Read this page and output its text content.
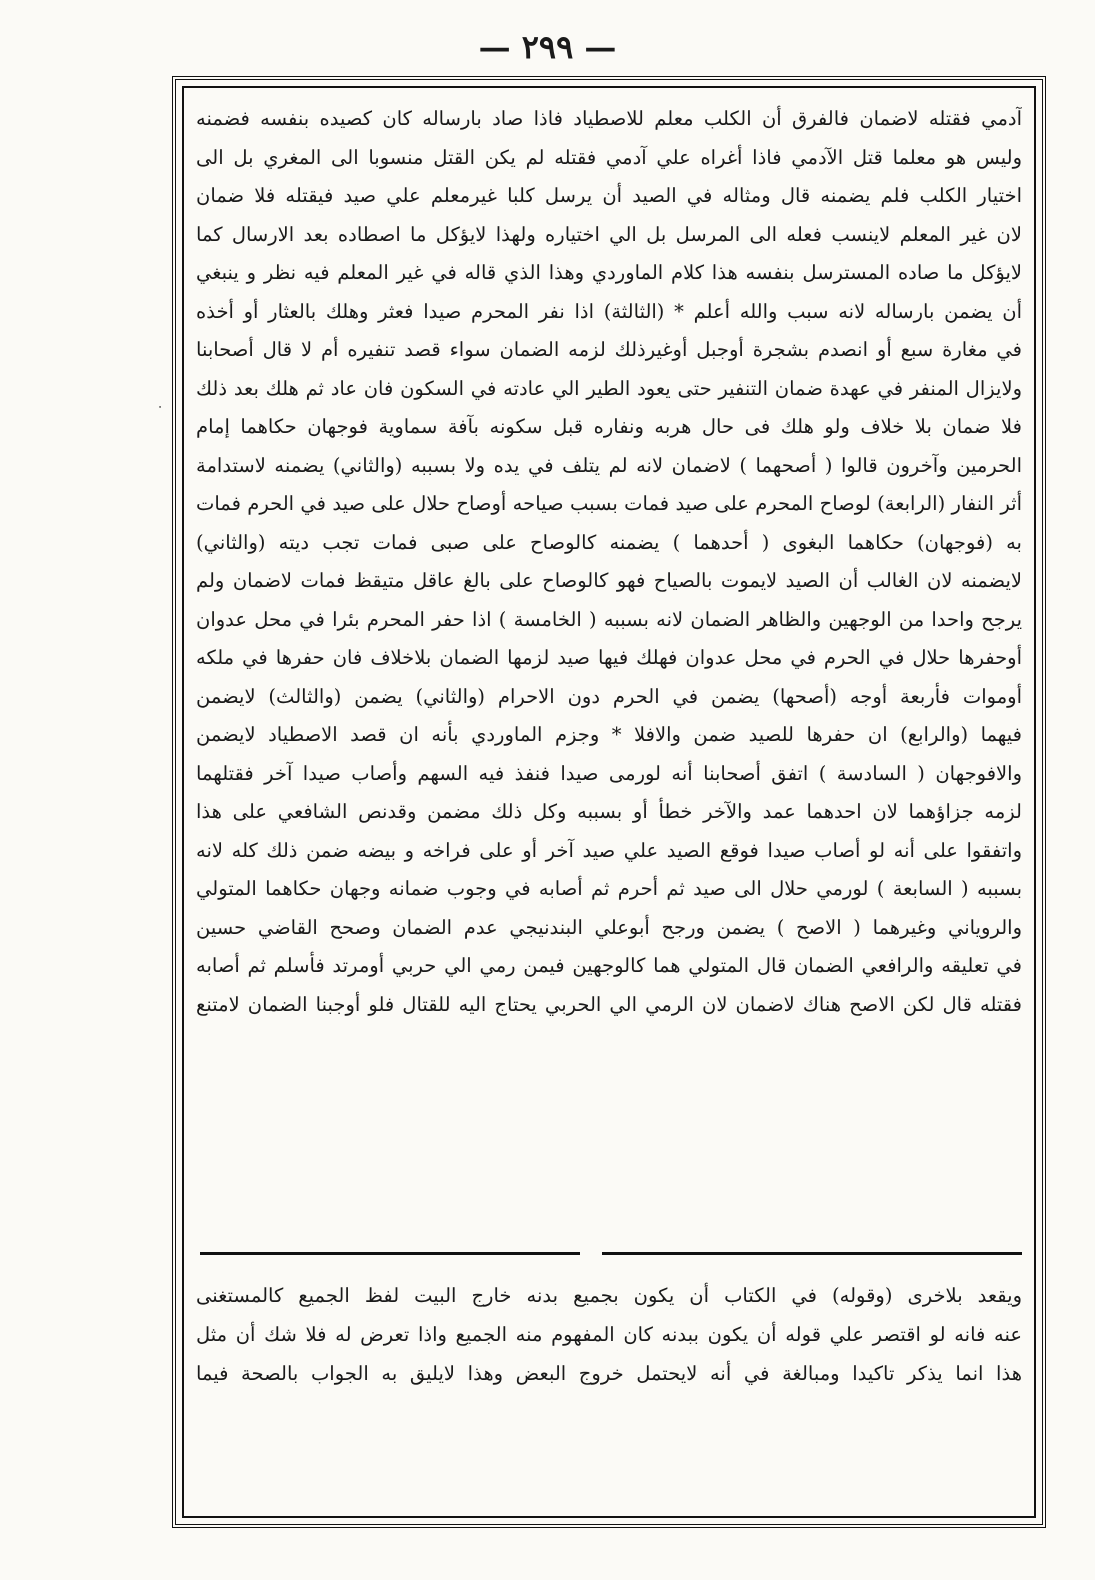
— ٢٩٩ —
ᐧ
آدمي فقتله لاضمان فالفرق أن الكلب معلم للاصطياد فاذا صاد بارساله كان كصيده بنفسه فضمنه
وليس هو معلما قتل الآدمي فاذا أغراه علي آدمي فقتله لم يكن القتل منسوبا الى المغري بل الى
اختيار الكلب فلم يضمنه قال ومثاله في الصيد أن يرسل كلبا غيرمعلم علي صيد فيقتله فلا ضمان
لان غير المعلم لاينسب فعله الى المرسل بل الي اختياره ولهذا لايؤكل ما اصطاده بعد الارسال كما
لايؤكل ما صاده المسترسل بنفسه هذا كلام الماوردي وهذا الذي قاله في غير المعلم فيه نظر و ينبغي
أن يضمن بارساله لانه سبب والله أعلم * (الثالثة) اذا نفر المحرم صيدا فعثر وهلك بالعثار أو أخذه
في مغارة سبع أو انصدم بشجرة أوجبل أوغيرذلك لزمه الضمان سواء قصد تنفيره أم لا قال أصحابنا
ولايزال المنفر في عهدة ضمان التنفير حتى يعود الطير الي عادته في السكون فان عاد ثم هلك بعد ذلك
فلا ضمان بلا خلاف ولو هلك فى حال هربه ونفاره قبل سكونه بآفة سماوية فوجهان حكاهما إمام
الحرمين وآخرون قالوا ( أصحهما ) لاضمان لانه لم يتلف في يده ولا بسببه (والثاني) يضمنه لاستدامة
أثر النفار (الرابعة) لوصاح المحرم على صيد فمات بسبب صياحه أوصاح حلال على صيد في الحرم فمات
به (فوجهان) حكاهما البغوى ( أحدهما ) يضمنه كالوصاح على صبى فمات تجب ديته (والثاني)
لايضمنه لان الغالب أن الصيد لايموت بالصياح فهو كالوصاح على بالغ عاقل متيقظ فمات لاضمان ولم
يرجح واحدا من الوجهين والظاهر الضمان لانه بسببه ( الخامسة ) اذا حفر المحرم بئرا في محل عدوان
أوحفرها حلال في الحرم في محل عدوان فهلك فيها صيد لزمها الضمان بلاخلاف فان حفرها في ملكه
أوموات فأربعة أوجه (أصحها) يضمن في الحرم دون الاحرام (والثاني) يضمن (والثالث) لايضمن
فيهما (والرابع) ان حفرها للصيد ضمن والافلا * وجزم الماوردي بأنه ان قصد الاصطياد لايضمن
والافوجهان ( السادسة ) اتفق أصحابنا أنه لورمى صيدا فنفذ فيه السهم وأصاب صيدا آخر فقتلهما
لزمه جزاؤهما لان احدهما عمد والآخر خطأ أو بسببه وكل ذلك مضمن وقدنص الشافعي على هذا
واتفقوا على أنه لو أصاب صيدا فوقع الصيد علي صيد آخر أو على فراخه و بيضه ضمن ذلك كله لانه
بسببه ( السابعة ) لورمي حلال الى صيد ثم أحرم ثم أصابه في وجوب ضمانه وجهان حكاهما المتولي
والروياني وغيرهما ( الاصح ) يضمن ورجح أبوعلي البندنيجي عدم الضمان وصحح القاضي حسين
في تعليقه والرافعي الضمان قال المتولي هما كالوجهين فيمن رمي الي حربي أومرتد فأسلم ثم أصابه
فقتله قال لكن الاصح هناك لاضمان لان الرمي الي الحربي يحتاج اليه للقتال فلو أوجبنا الضمان لامتنع
ويقعد بلاخرى (وقوله) في الكتاب أن يكون بجميع بدنه خارج البيت لفظ الجميع كالمستغنى
عنه فانه لو اقتصر علي قوله أن يكون ببدنه كان المفهوم منه الجميع واذا تعرض له فلا شك أن مثل
هذا انما يذكر تاكيدا ومبالغة في أنه لايحتمل خروج البعض وهذا لايليق به الجواب بالصحة فيما
